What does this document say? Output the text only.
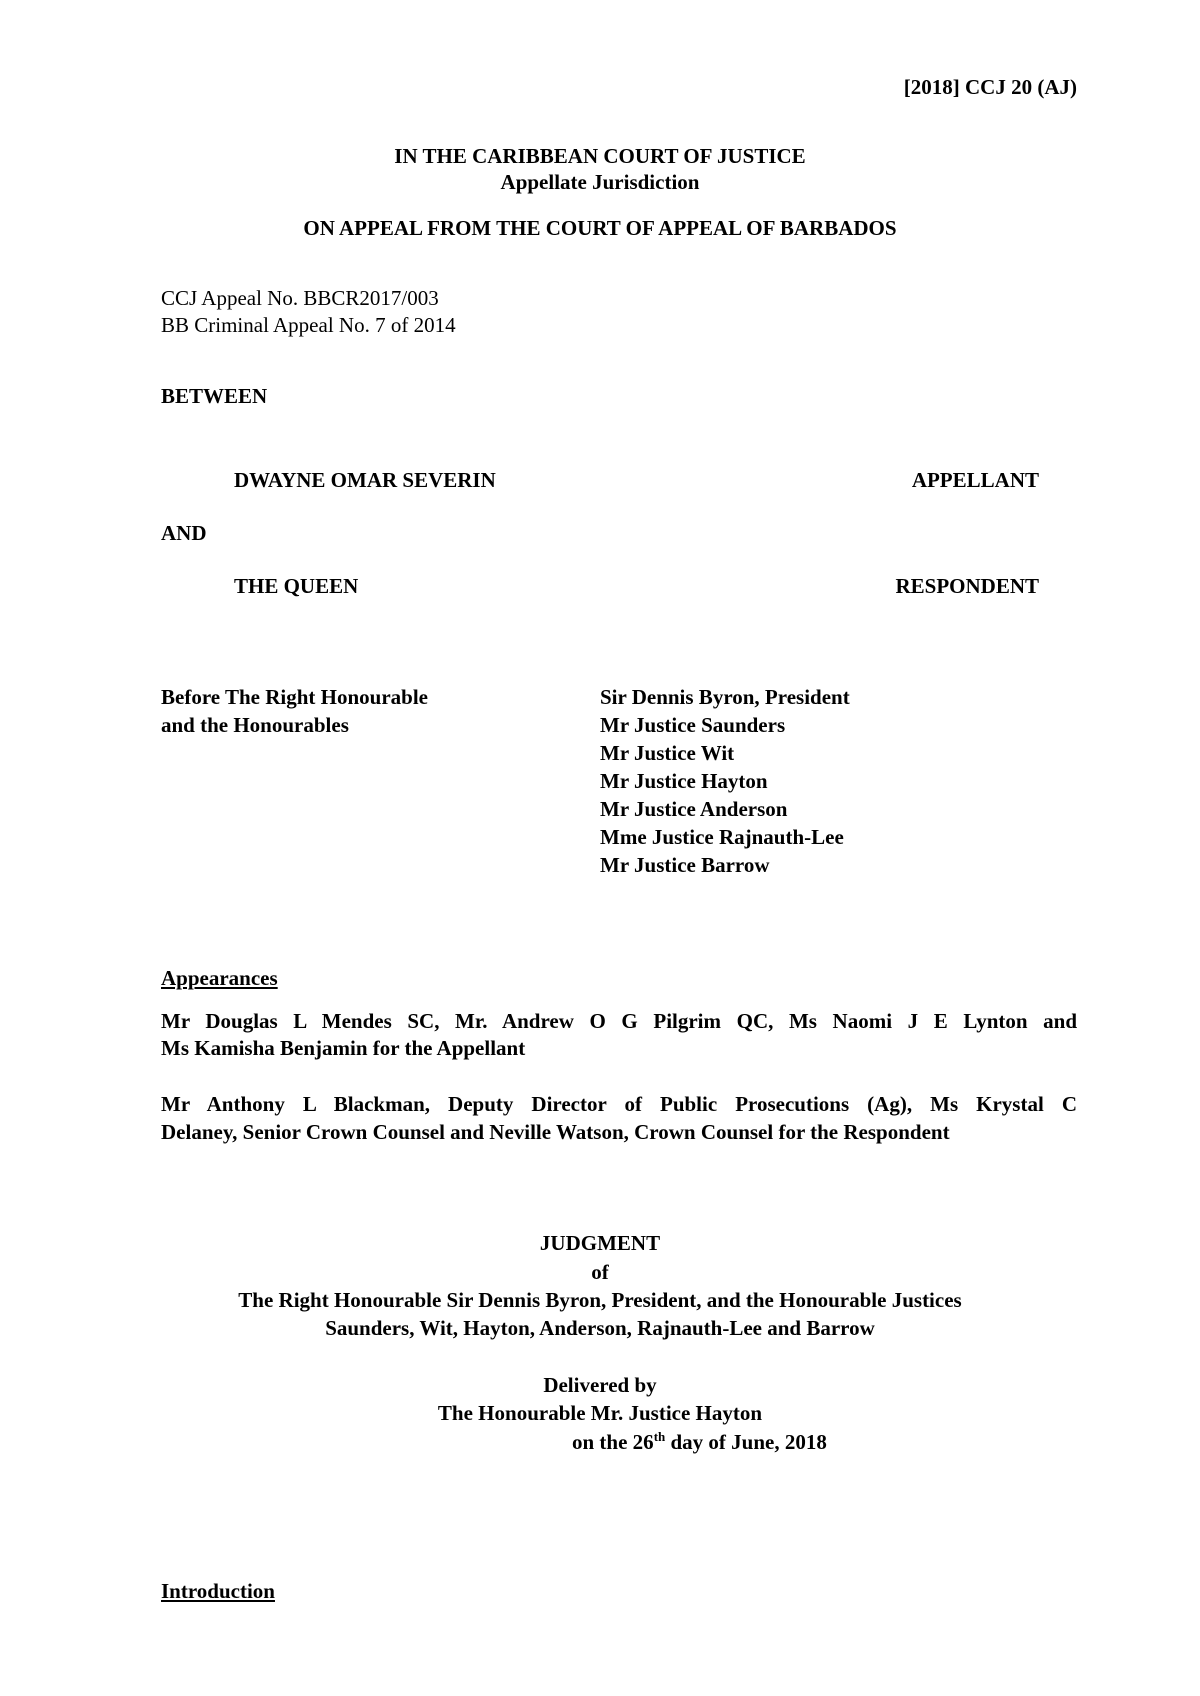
[2018] CCJ 20 (AJ)
IN THE CARIBBEAN COURT OF JUSTICE
Appellate Jurisdiction
ON APPEAL FROM THE COURT OF APPEAL OF BARBADOS
CCJ Appeal No. BBCR2017/003
BB Criminal Appeal No. 7 of 2014
BETWEEN
DWAYNE OMAR SEVERIN	APPELLANT
AND
THE QUEEN	RESPONDENT
Before The Right Honourable
and the Honourables
Sir Dennis Byron, President
Mr Justice Saunders
Mr Justice Wit
Mr Justice Hayton
Mr Justice Anderson
Mme Justice Rajnauth-Lee
Mr Justice Barrow
Appearances
Mr Douglas L Mendes SC, Mr. Andrew O G Pilgrim QC, Ms Naomi J E Lynton and
Ms Kamisha Benjamin for the Appellant
Mr Anthony L Blackman, Deputy Director of Public Prosecutions (Ag), Ms Krystal C
Delaney, Senior Crown Counsel and Neville Watson, Crown Counsel for the Respondent
JUDGMENT
of
The Right Honourable Sir Dennis Byron, President, and the Honourable Justices
Saunders, Wit, Hayton, Anderson, Rajnauth-Lee and Barrow
Delivered by
The Honourable Mr. Justice Hayton
on the 26th day of June, 2018
Introduction
